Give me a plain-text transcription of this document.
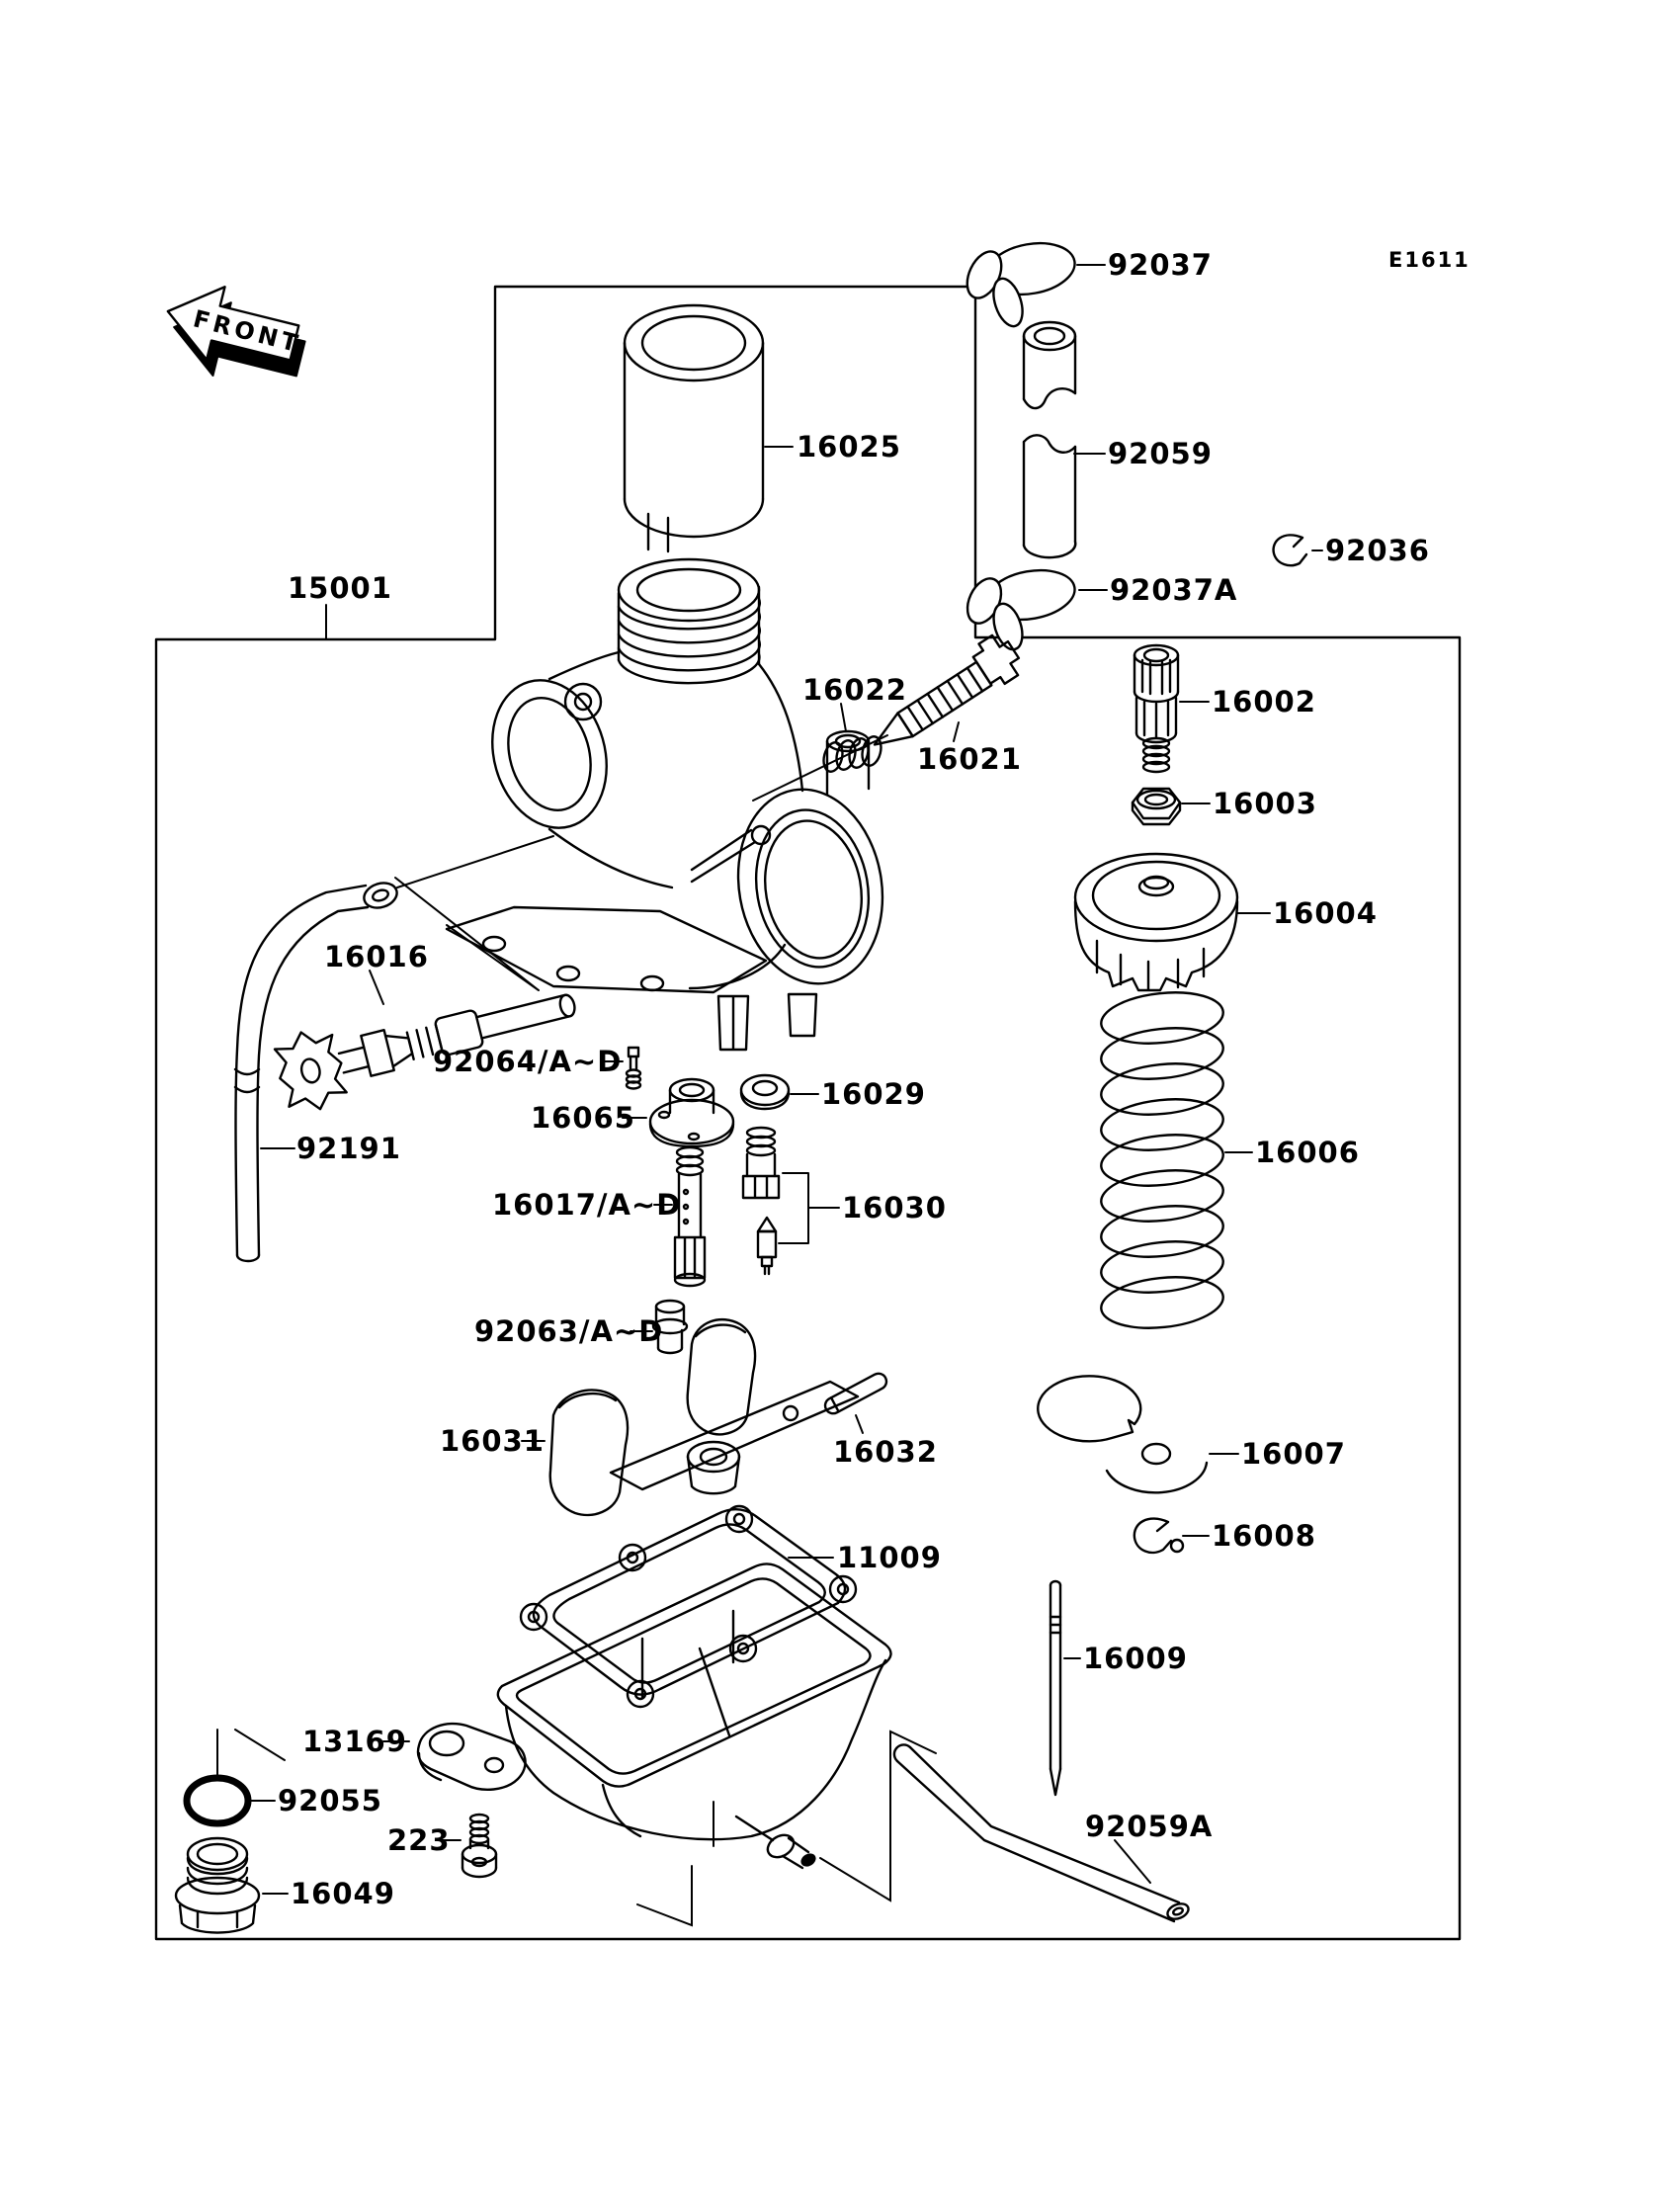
E1611
FRONT
15001
16025
92037
92059
92037A
92036
16002
16003
16004
16006
16007
16008
16009
16022
16021
16016
92064/A~D
16065
16029
92191
16017/A~D	16030
92063/A~D
16031	16032
11009
13169
92055
223
16049
92059A
